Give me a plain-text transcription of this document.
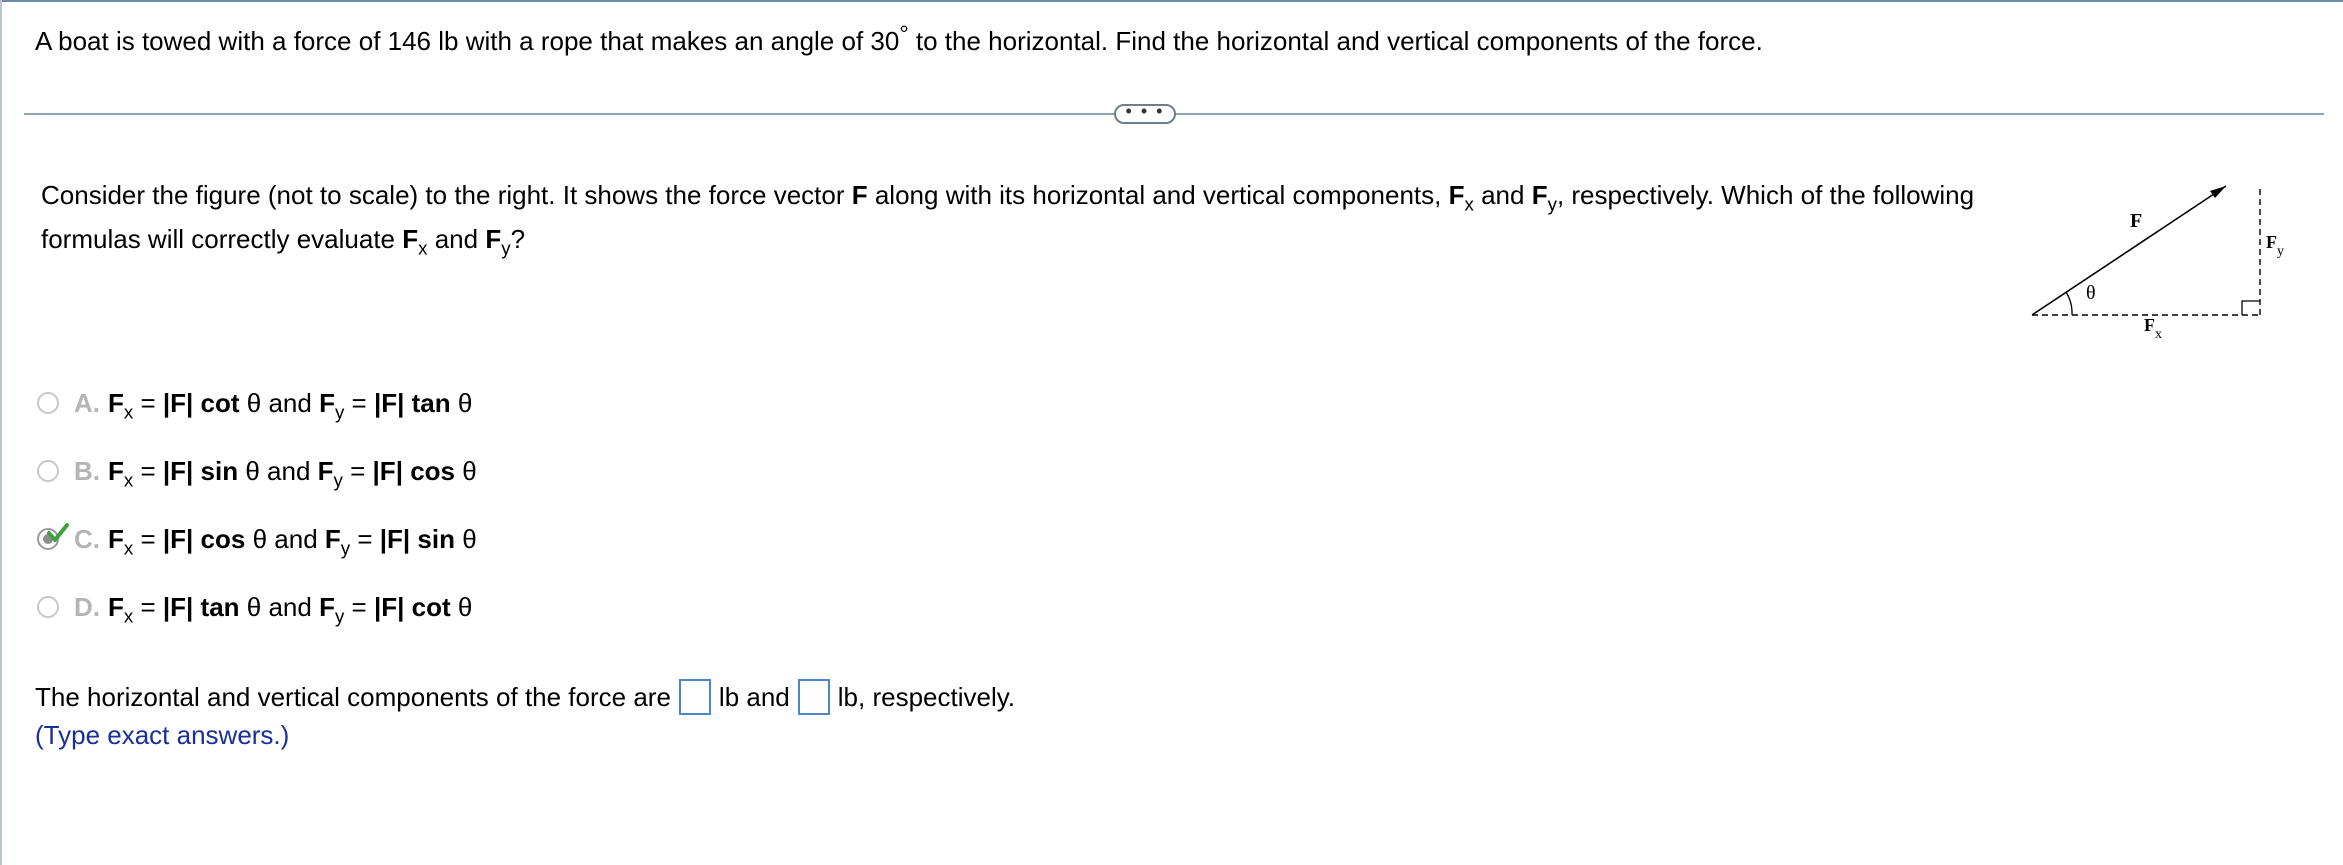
A boat is towed with a force of 146 lb with a rope that makes an angle of 30° to the horizontal. Find the horizontal and vertical components of the force.
• • •
Consider the figure (not to scale) to the right. It shows the force vector F along with its horizontal and vertical components, $F_x$ and $F_y$, respectively. Which of the following formulas will correctly evaluate $F_x$ and $F_y$?
F
θ
$F_x$
$F_y$
A. $F_x = |F|$ cot θ and $F_y = |F|$ tan θ
B. $F_x = |F|$ sin θ and $F_y = |F|$ cos θ
C. $F_x = |F|$ cos θ and $F_y = |F|$ sin θ
D. $F_x = |F|$ tan θ and $F_y = |F|$ cot θ
The horizontal and vertical components of the force are lb and lb, respectively.
(Type exact answers.)
